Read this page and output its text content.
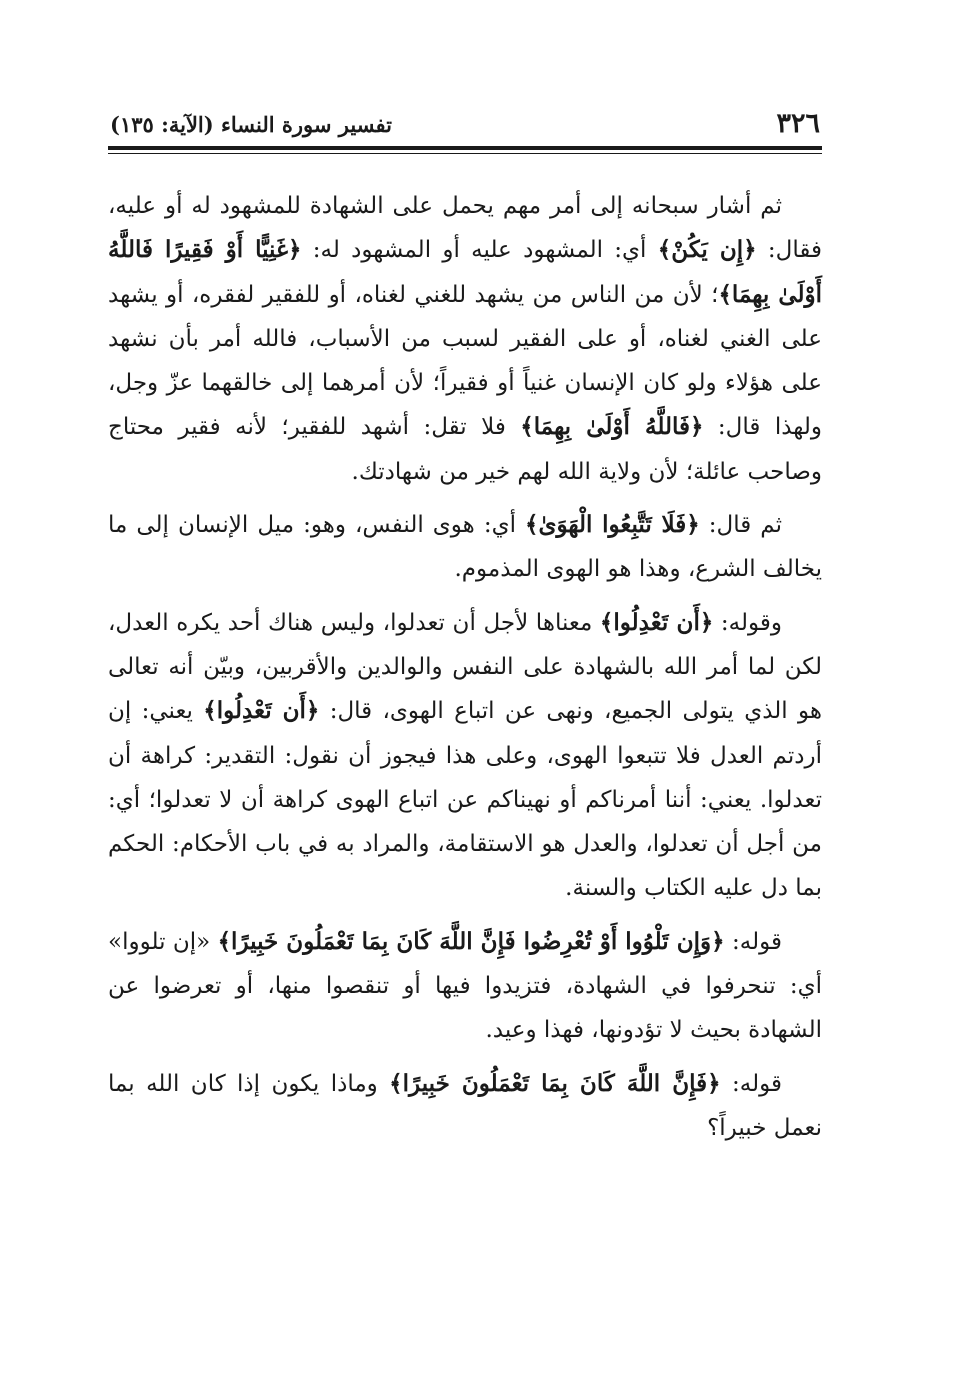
٣٢٦
تفسير سورة النساء (الآية: ١٣٥)

ثم أشار سبحانه إلى أمر مهم يحمل على الشهادة للمشهود له أو عليه، فقال: ﴿إِن يَكُنْ﴾ أي: المشهود عليه أو المشهود له: ﴿غَنِيًّا أَوْ فَقِيرًا فَاللَّهُ أَوْلَىٰ بِهِمَا﴾؛ لأن من الناس من يشهد للغني لغناه، أو للفقير لفقره، أو يشهد على الغني لغناه، أو على الفقير لسبب من الأسباب، فالله أمر بأن نشهد على هؤلاء ولو كان الإنسان غنياً أو فقيراً؛ لأن أمرهما إلى خالقهما عزّ وجل، ولهذا قال: ﴿فَاللَّهُ أَوْلَىٰ بِهِمَا﴾ فلا تقل: أشهد للفقير؛ لأنه فقير محتاج وصاحب عائلة؛ لأن ولاية الله لهم خير من شهادتك.

ثم قال: ﴿فَلَا تَتَّبِعُوا الْهَوَىٰ﴾ أي: هوى النفس، وهو: ميل الإنسان إلى ما يخالف الشرع، وهذا هو الهوى المذموم.

وقوله: ﴿أَن تَعْدِلُوا﴾ معناها لأجل أن تعدلوا، وليس هناك أحد يكره العدل، لكن لما أمر الله بالشهادة على النفس والوالدين والأقربين، وبيّن أنه تعالى هو الذي يتولى الجميع، ونهى عن اتباع الهوى، قال: ﴿أَن تَعْدِلُوا﴾ يعني: إن أردتم العدل فلا تتبعوا الهوى، وعلى هذا فيجوز أن نقول: التقدير: كراهة أن تعدلوا. يعني: أننا أمرناكم أو نهيناكم عن اتباع الهوى كراهة أن لا تعدلوا؛ أي: من أجل أن تعدلوا، والعدل هو الاستقامة، والمراد به في باب الأحكام: الحكم بما دل عليه الكتاب والسنة.

قوله: ﴿وَإِن تَلْوُوا أَوْ تُعْرِضُوا فَإِنَّ اللَّهَ كَانَ بِمَا تَعْمَلُونَ خَبِيرًا﴾ «إن تلووا» أي: تنحرفوا في الشهادة، فتزيدوا فيها أو تنقصوا منها، أو تعرضوا عن الشهادة بحيث لا تؤدونها، فهذا وعيد.

قوله: ﴿فَإِنَّ اللَّهَ كَانَ بِمَا تَعْمَلُونَ خَبِيرًا﴾ وماذا يكون إذا كان الله بما نعمل خبيراً؟
